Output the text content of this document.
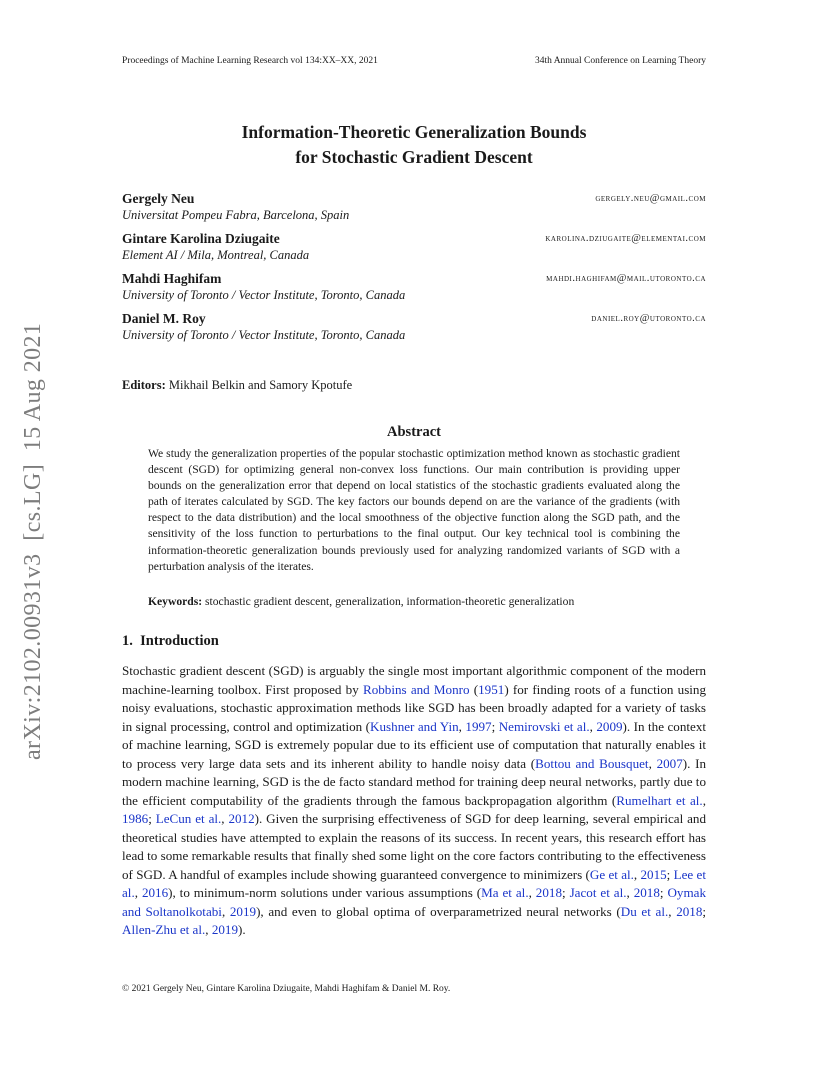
Proceedings of Machine Learning Research vol 134:XX–XX, 2021	34th Annual Conference on Learning Theory
arXiv:2102.00931v3  [cs.LG]  15 Aug 2021
Information-Theoretic Generalization Bounds
for Stochastic Gradient Descent
Gergely Neu
Universitat Pompeu Fabra, Barcelona, Spain
gergely.neu@gmail.com
Gintare Karolina Dziugaite
Element AI / Mila, Montreal, Canada
karolina.dziugaite@elementai.com
Mahdi Haghifam
University of Toronto / Vector Institute, Toronto, Canada
mahdi.haghifam@mail.utoronto.ca
Daniel M. Roy
University of Toronto / Vector Institute, Toronto, Canada
daniel.roy@utoronto.ca
Editors: Mikhail Belkin and Samory Kpotufe
Abstract
We study the generalization properties of the popular stochastic optimization method known as stochastic gradient descent (SGD) for optimizing general non-convex loss functions. Our main contribution is providing upper bounds on the generalization error that depend on local statistics of the stochastic gradients evaluated along the path of iterates calculated by SGD. The key factors our bounds depend on are the variance of the gradients (with respect to the data distribution) and the local smoothness of the objective function along the SGD path, and the sensitivity of the loss function to perturbations to the final output. Our key technical tool is combining the information-theoretic generalization bounds previously used for analyzing randomized variants of SGD with a perturbation analysis of the iterates.
Keywords: stochastic gradient descent, generalization, information-theoretic generalization
1. Introduction
Stochastic gradient descent (SGD) is arguably the single most important algorithmic component of the modern machine-learning toolbox. First proposed by Robbins and Monro (1951) for finding roots of a function using noisy evaluations, stochastic approximation methods like SGD has been broadly adapted for a variety of tasks in signal processing, control and optimization (Kushner and Yin, 1997; Nemirovski et al., 2009). In the context of machine learning, SGD is extremely popular due to its efficient use of computation that naturally enables it to process very large data sets and its inherent ability to handle noisy data (Bottou and Bousquet, 2007). In modern machine learning, SGD is the de facto standard method for training deep neural networks, partly due to the efficient computability of the gradients through the famous backpropagation algorithm (Rumelhart et al., 1986; LeCun et al., 2012). Given the surprising effectiveness of SGD for deep learning, several empirical and theoretical studies have attempted to explain the reasons of its success. In recent years, this research effort has lead to some remarkable results that finally shed some light on the core factors contributing to the effectiveness of SGD. A handful of examples include showing guaranteed convergence to minimizers (Ge et al., 2015; Lee et al., 2016), to minimum-norm solutions under various assumptions (Ma et al., 2018; Jacot et al., 2018; Oymak and Soltanolkotabi, 2019), and even to global optima of overparametrized neural networks (Du et al., 2018; Allen-Zhu et al., 2019).
© 2021 Gergely Neu, Gintare Karolina Dziugaite, Mahdi Haghifam & Daniel M. Roy.
